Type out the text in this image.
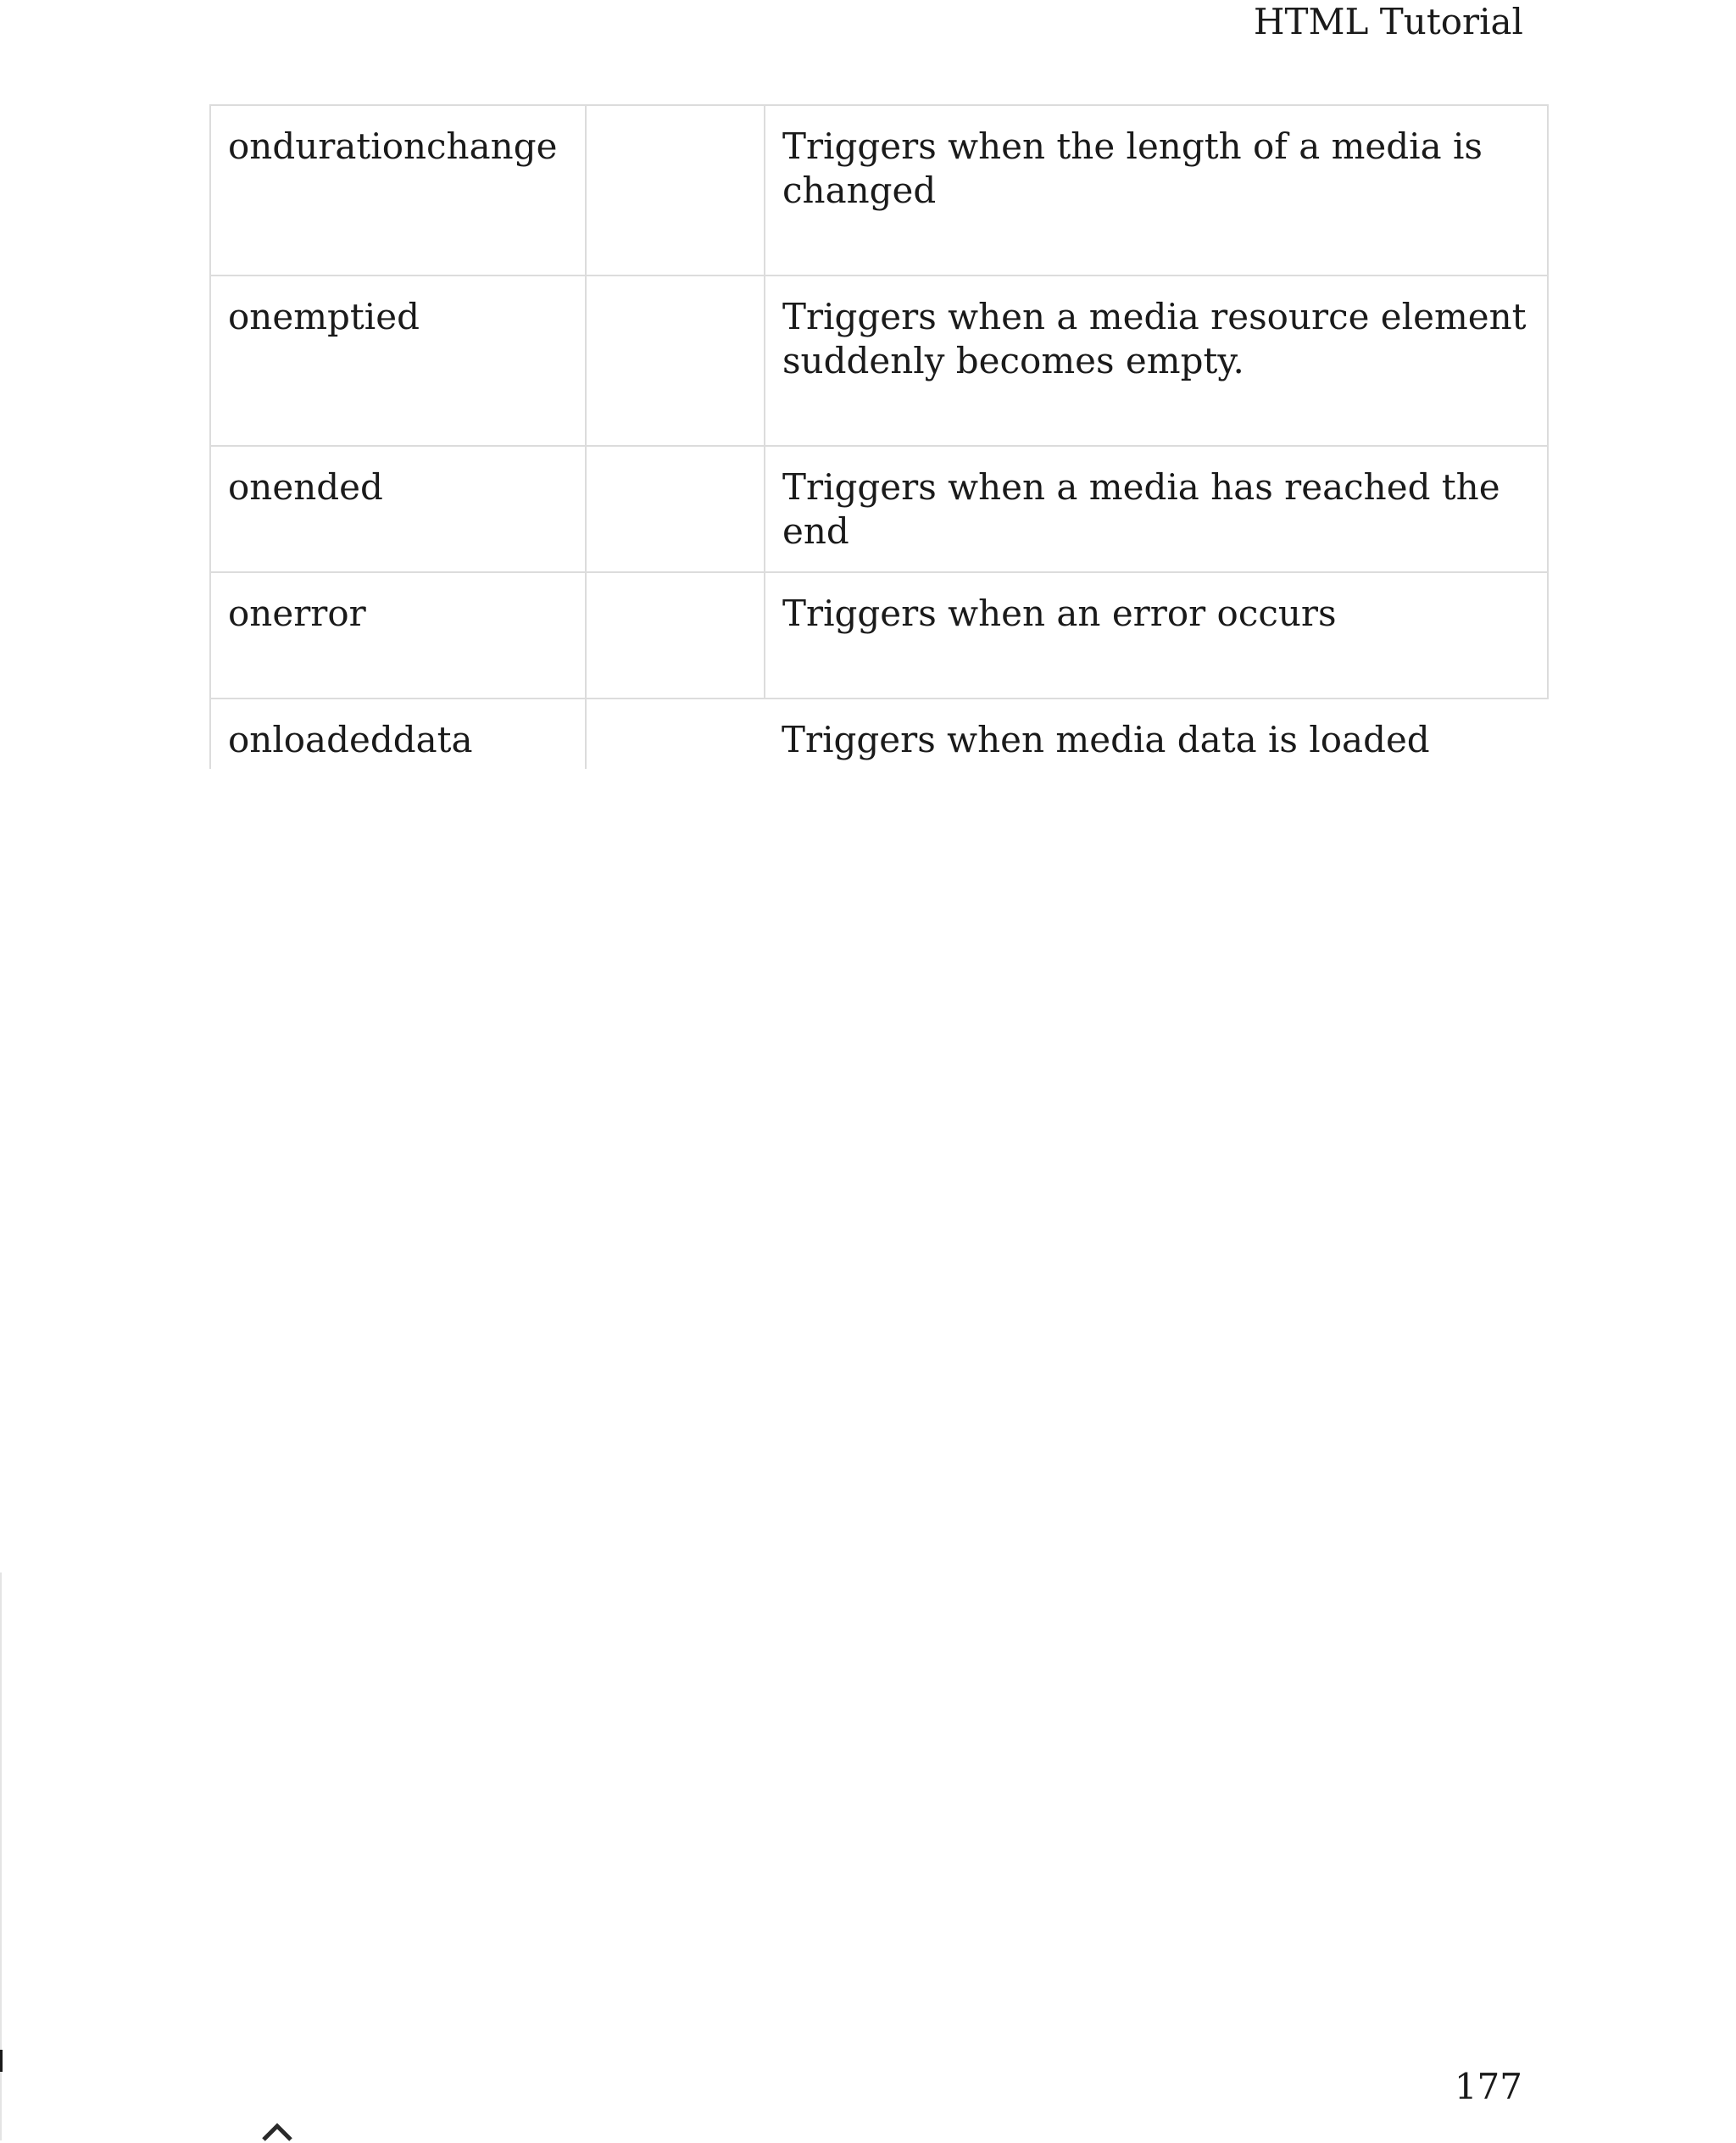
HTML Tutorial
ondurationchange		Triggers when the length of a media is changed
onemptied		Triggers when a media resource element suddenly becomes empty.
onended		Triggers when a media has reached the end
onerror		Triggers when an error occurs
onloadeddata		Triggers when media data is loaded
177
